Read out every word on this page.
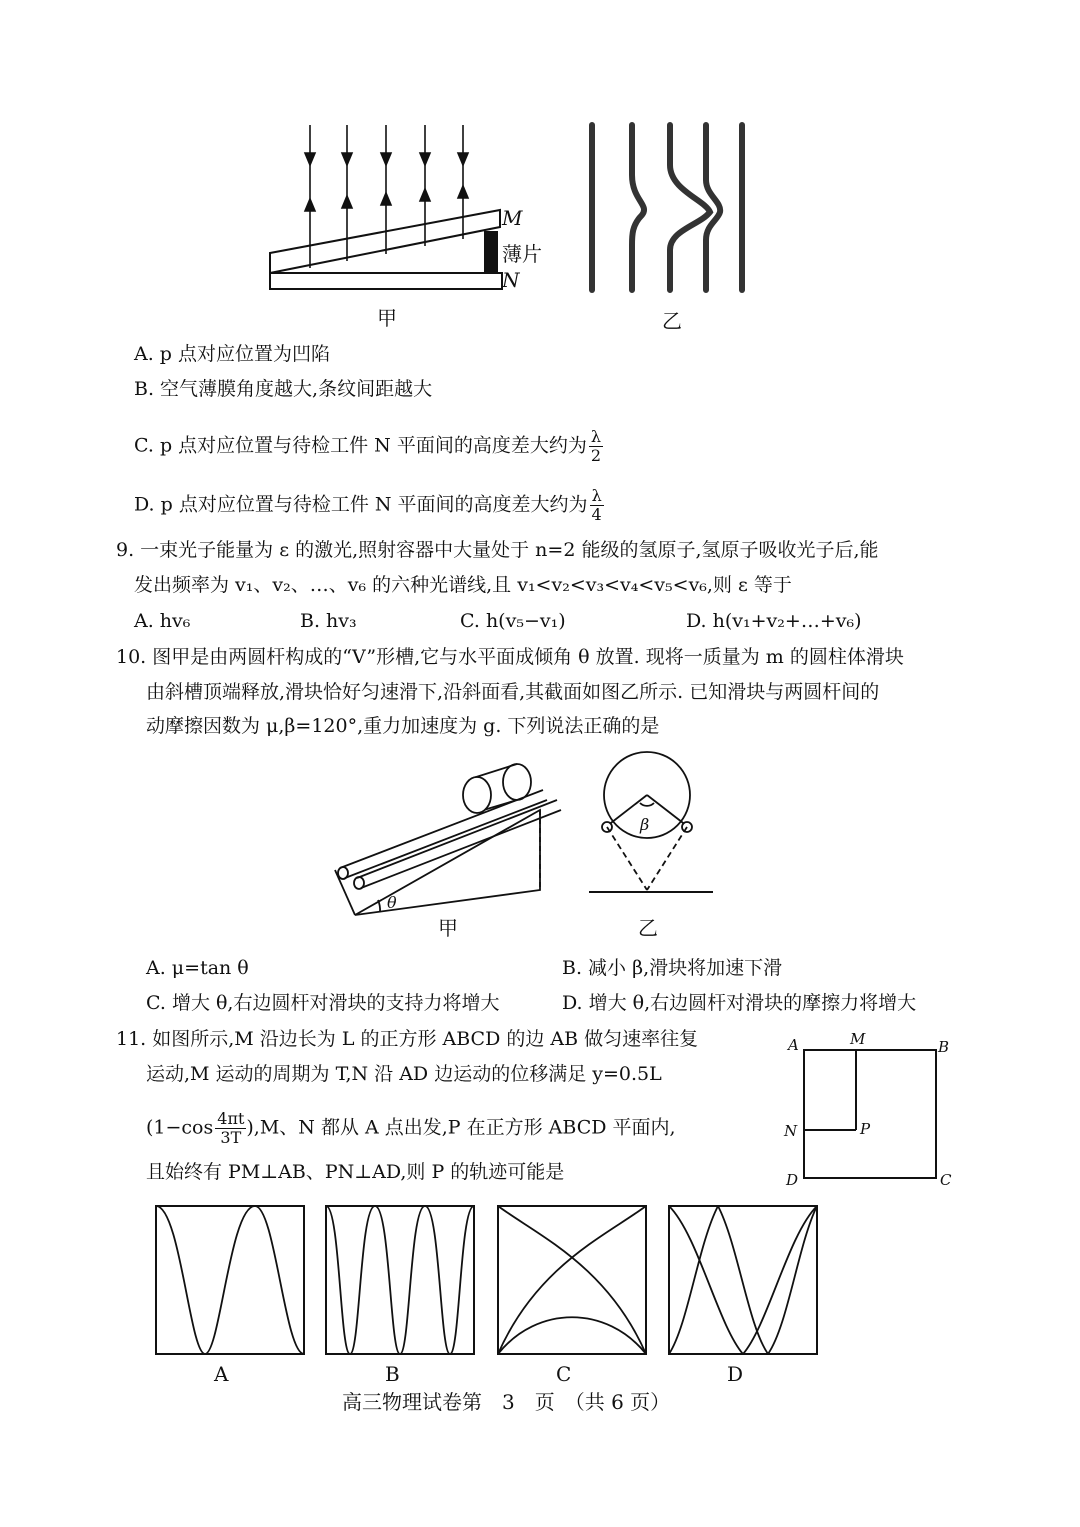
M
薄片
N
甲	乙
A. p 点对应位置为凹陷
B. 空气薄膜角度越大,条纹间距越大
C. p 点对应位置与待检工件 N 平面间的高度差大约为 $\frac{\lambda}{2}$
D. p 点对应位置与待检工件 N 平面间的高度差大约为 $\frac{\lambda}{4}$
9. 一束光子能量为 ε 的激光,照射容器中大量处于 n=2 能级的氢原子,氢原子吸收光子后,能
发出频率为 v₁、v₂、…、v₆ 的六种光谱线,且 v₁<v₂<v₃<v₄<v₅<v₆,则 ε 等于
A. hv₆	B. hv₃	C. h(v₅−v₁)	D. h(v₁+v₂+…+v₆)
10. 图甲是由两圆杆构成的“V”形槽,它与水平面成倾角 θ 放置. 现将一质量为 m 的圆柱体滑块
由斜槽顶端释放,滑块恰好匀速滑下,沿斜面看,其截面如图乙所示. 已知滑块与两圆杆间的
动摩擦因数为 μ,β=120°,重力加速度为 g. 下列说法正确的是
θ
甲
β
乙
A. μ=tan θ	B. 减小 β,滑块将加速下滑
C. 增大 θ,右边圆杆对滑块的支持力将增大	D. 增大 θ,右边圆杆对滑块的摩擦力将增大
11. 如图所示,M 沿边长为 L 的正方形 ABCD 的边 AB 做匀速率往复
运动,M 运动的周期为 T,N 沿 AD 边运动的位移满足 y=0.5L
$(1-\cos \frac{4\pi t}{3T} ),M$、N 都从 A 点出发,P 在正方形 ABCD 平面内,
且始终有 PM⊥AB、PN⊥AD,则 P 的轨迹可能是
A	M	B
N	P
D	C
A	B	C	D
高三物理试卷第　3　页　（共 6 页）
